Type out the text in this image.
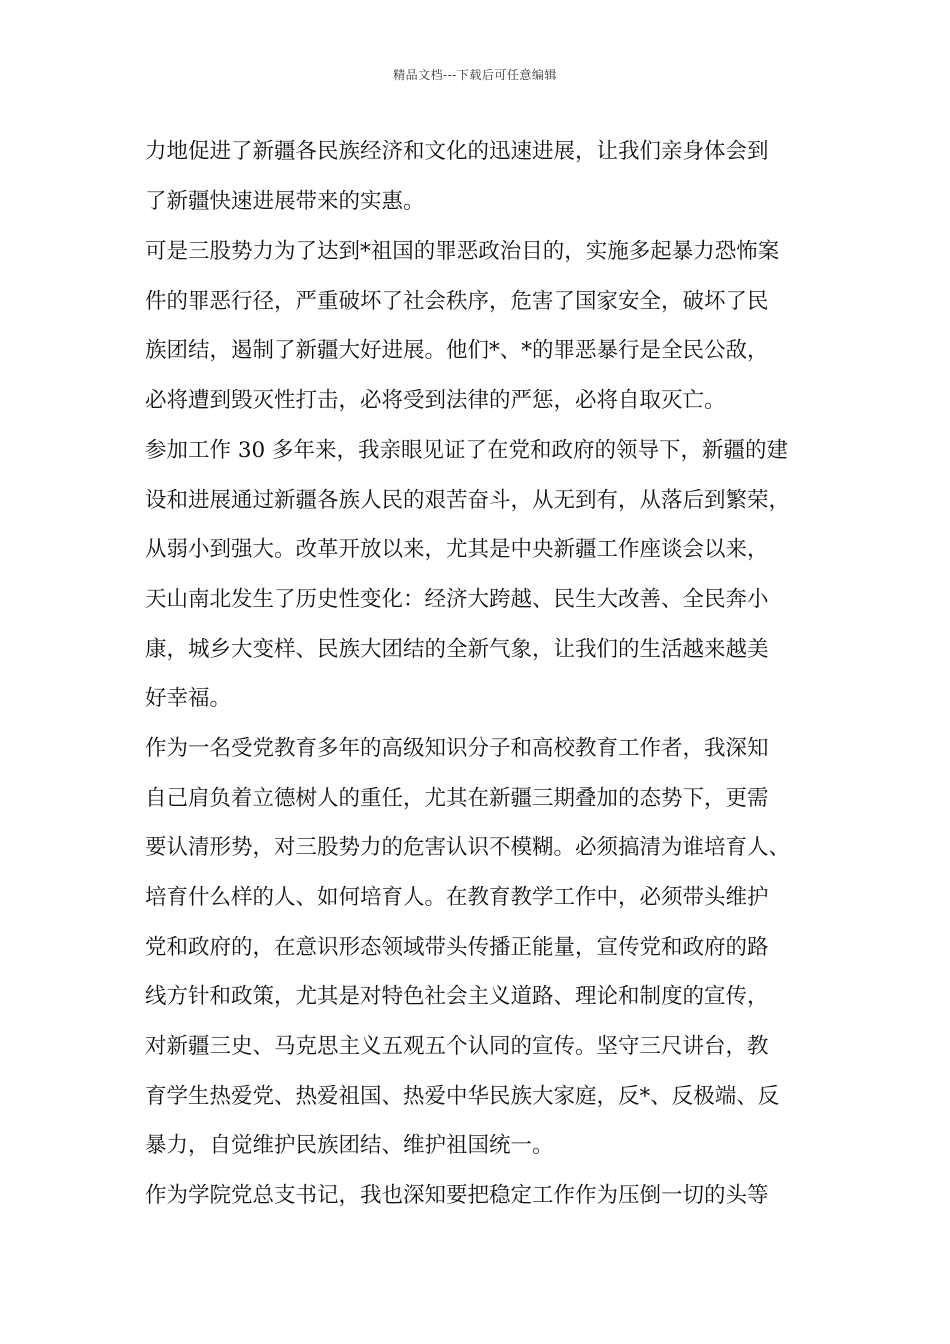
精品文档---下载后可任意编辑
力地促进了新疆各民族经济和文化的迅速进展，让我们亲身体会到
了新疆快速进展带来的实惠。
可是三股势力为了达到*祖国的罪恶政治目的，实施多起暴力恐怖案
件的罪恶行径，严重破坏了社会秩序，危害了国家安全，破坏了民
族团结，遏制了新疆大好进展。他们*、*的罪恶暴行是全民公敌，
必将遭到毁灭性打击，必将受到法律的严惩，必将自取灭亡。
参加工作 30 多年来，我亲眼见证了在党和政府的领导下，新疆的建
设和进展通过新疆各族人民的艰苦奋斗，从无到有，从落后到繁荣，
从弱小到强大。改革开放以来，尤其是中央新疆工作座谈会以来，
天山南北发生了历史性变化：经济大跨越、民生大改善、全民奔小
康，城乡大变样、民族大团结的全新气象，让我们的生活越来越美
好幸福。
作为一名受党教育多年的高级知识分子和高校教育工作者，我深知
自己肩负着立德树人的重任，尤其在新疆三期叠加的态势下，更需
要认清形势，对三股势力的危害认识不模糊。必须搞清为谁培育人、
培育什么样的人、如何培育人。在教育教学工作中，必须带头维护
党和政府的，在意识形态领域带头传播正能量，宣传党和政府的路
线方针和政策，尤其是对特色社会主义道路、理论和制度的宣传，
对新疆三史、马克思主义五观五个认同的宣传。坚守三尺讲台，教
育学生热爱党、热爱祖国、热爱中华民族大家庭，反*、反极端、反
暴力，自觉维护民族团结、维护祖国统一。
作为学院党总支书记，我也深知要把稳定工作作为压倒一切的头等
